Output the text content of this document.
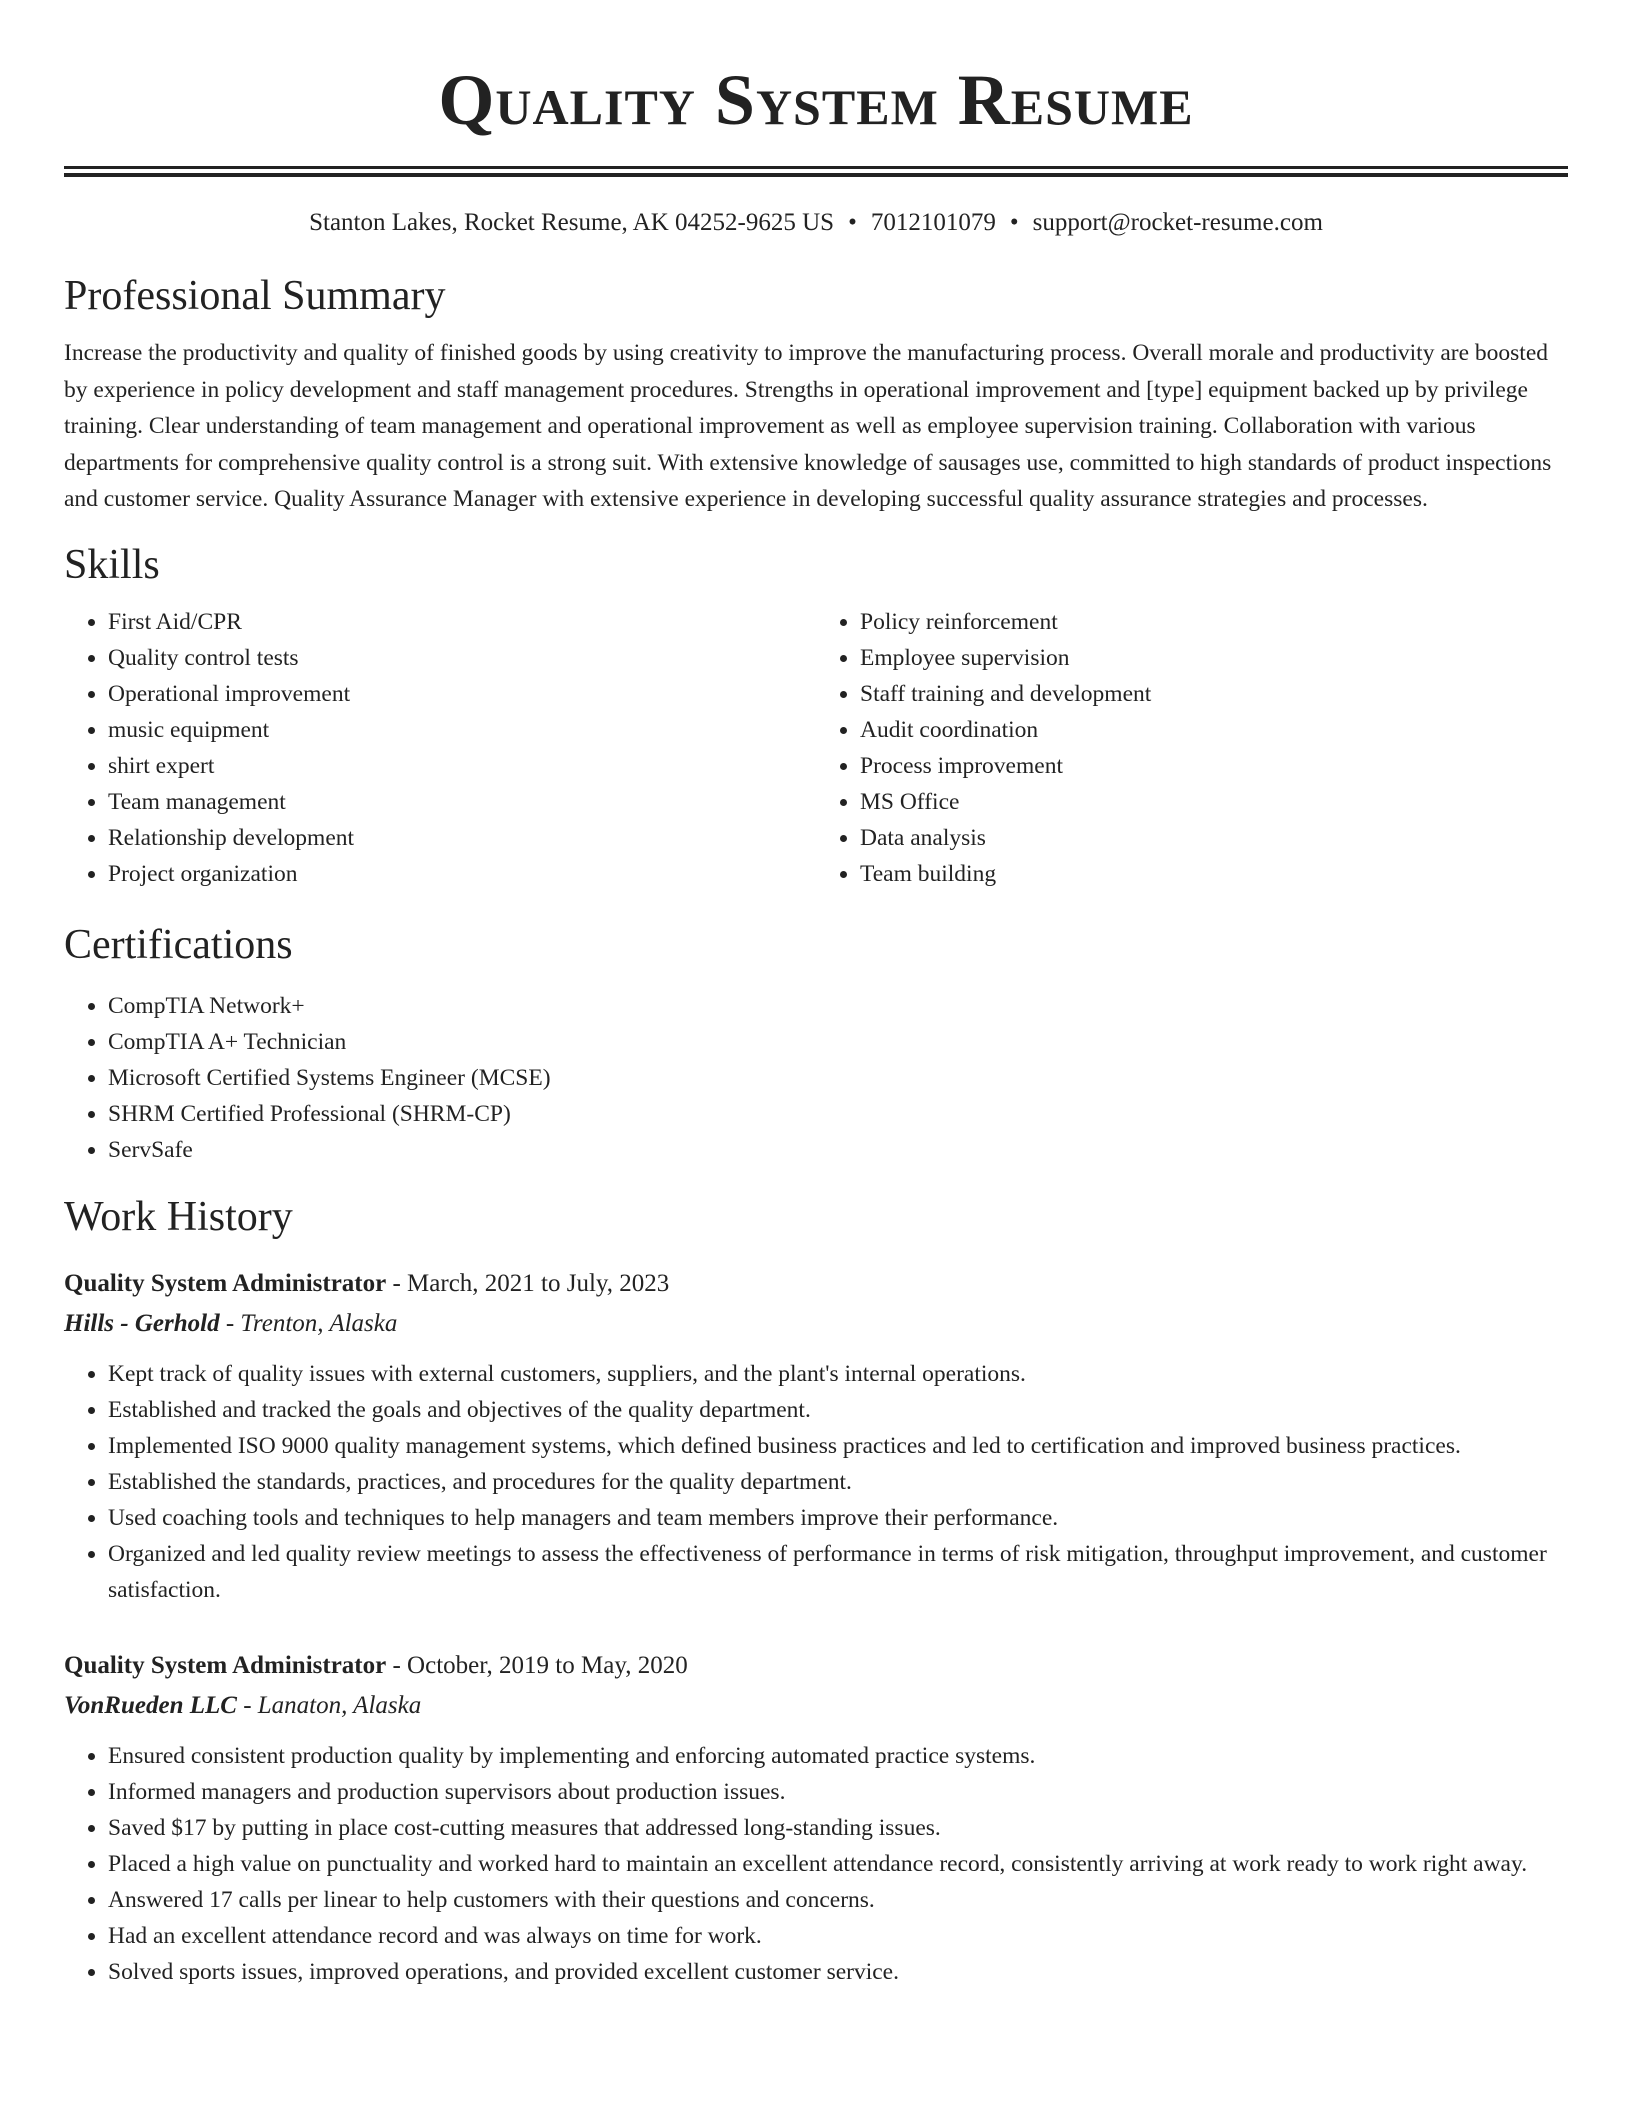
Quality System Resume
Stanton Lakes, Rocket Resume, AK 04252-9625 US • 7012101079 • support@rocket-resume.com
Professional Summary

Increase the productivity and quality of finished goods by using creativity to improve the manufacturing process. Overall morale and productivity are boosted by experience in policy development and staff management procedures. Strengths in operational improvement and [type] equipment backed up by privilege training. Clear understanding of team management and operational improvement as well as employee supervision training. Collaboration with various departments for comprehensive quality control is a strong suit. With extensive knowledge of sausages use, committed to high standards of product inspections and customer service. Quality Assurance Manager with extensive experience in developing successful quality assurance strategies and processes.

Skills
• First Aid/CPR
• Quality control tests
• Operational improvement
• music equipment
• shirt expert
• Team management
• Relationship development
• Project organization
• Policy reinforcement
• Employee supervision
• Staff training and development
• Audit coordination
• Process improvement
• MS Office
• Data analysis
• Team building
Certifications
• CompTIA Network+
• CompTIA A+ Technician
• Microsoft Certified Systems Engineer (MCSE)
• SHRM Certified Professional (SHRM-CP)
• ServSafe
Work History
Quality System Administrator - March, 2021 to July, 2023
Hills - Gerhold - Trenton, Alaska
• Kept track of quality issues with external customers, suppliers, and the plant's internal operations.
• Established and tracked the goals and objectives of the quality department.
• Implemented ISO 9000 quality management systems, which defined business practices and led to certification and improved business practices.
• Established the standards, practices, and procedures for the quality department.
• Used coaching tools and techniques to help managers and team members improve their performance.
• Organized and led quality review meetings to assess the effectiveness of performance in terms of risk mitigation, throughput improvement, and customer satisfaction.
Quality System Administrator - October, 2019 to May, 2020
VonRueden LLC - Lanaton, Alaska
• Ensured consistent production quality by implementing and enforcing automated practice systems.
• Informed managers and production supervisors about production issues.
• Saved $17 by putting in place cost-cutting measures that addressed long-standing issues.
• Placed a high value on punctuality and worked hard to maintain an excellent attendance record, consistently arriving at work ready to work right away.
• Answered 17 calls per linear to help customers with their questions and concerns.
• Had an excellent attendance record and was always on time for work.
• Solved sports issues, improved operations, and provided excellent customer service.
